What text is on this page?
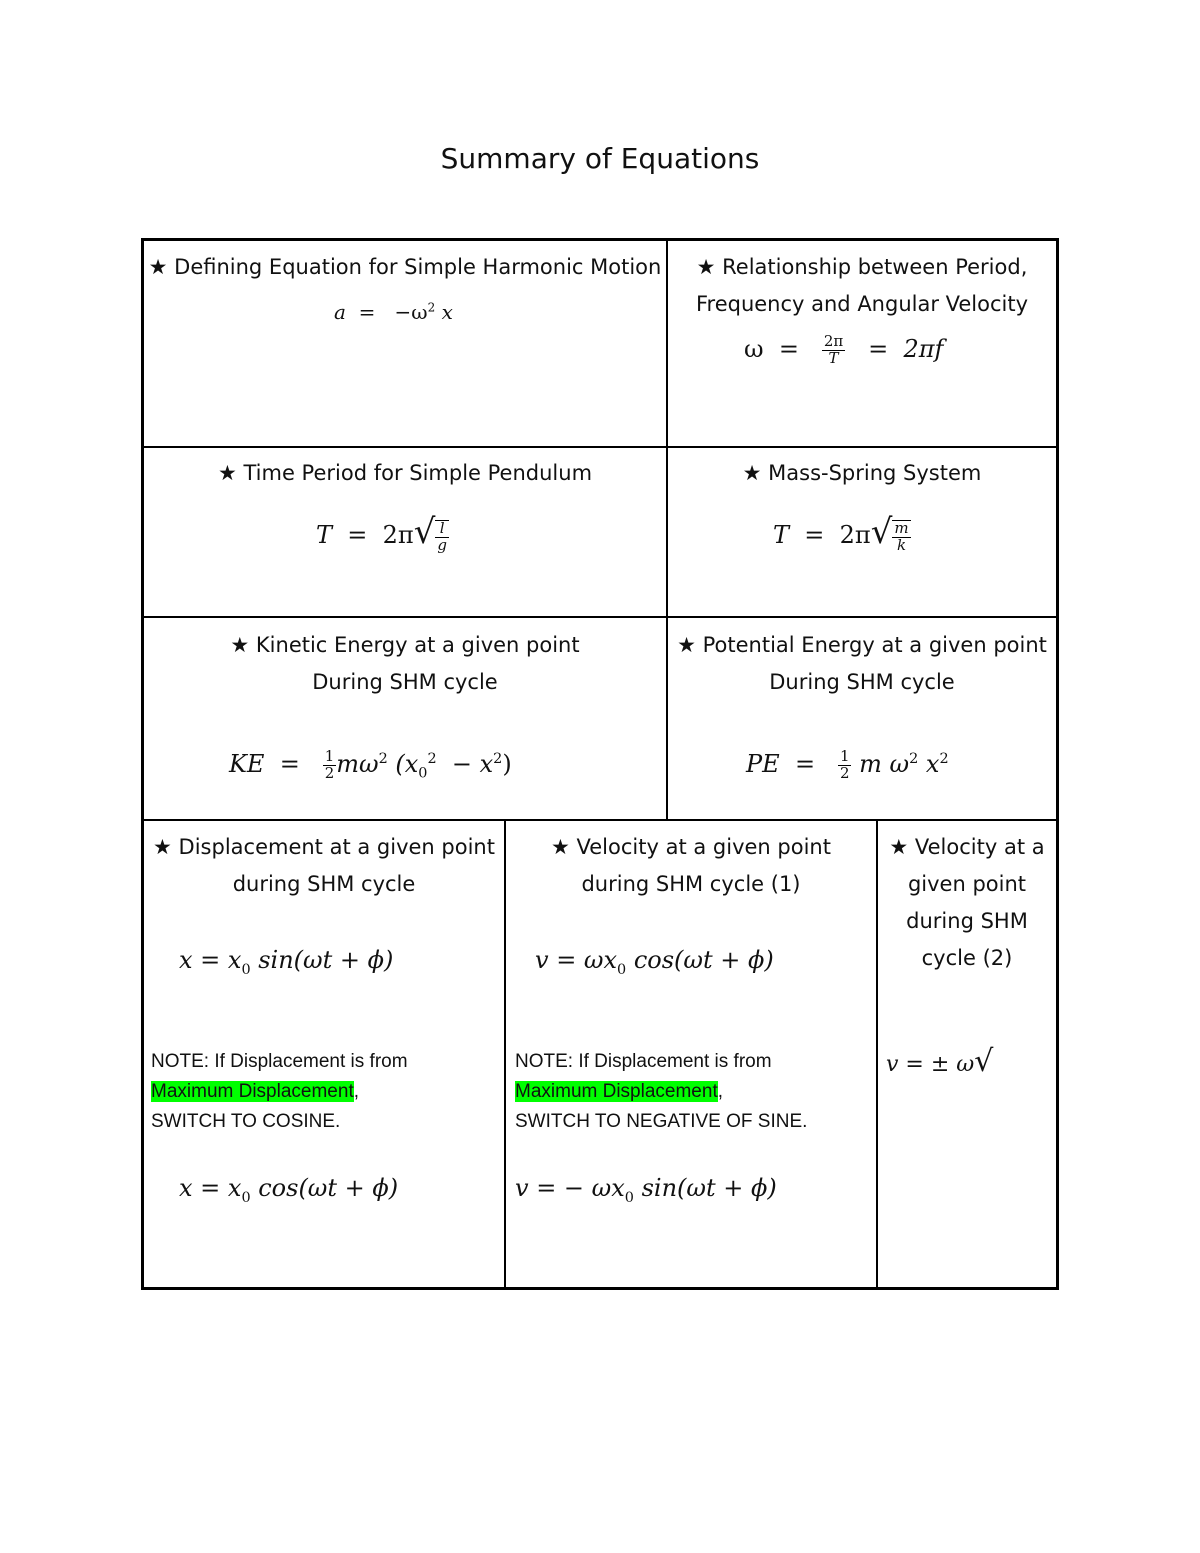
Summary of Equations
★ Defining Equation for Simple Harmonic Motion
$a = -\omega^2$ x
★ Relationship between Period,
Frequency and Angular Velocity
$\omega = \frac{2\pi}{T} = 2\pi f$
★ Time Period for Simple Pendulum
$T = 2\pi√ \frac{l}{g}$
★ Mass-Spring System
$T = 2\pi√ \frac{m}{k}$
★ Kinetic Energy at a given point
During SHM cycle
KE = $\frac{1}{2} m\omega^2$ $(x_0^2 - x^2)$
★ Potential Energy at a given point
During SHM cycle
PE = $\frac{1}{2}$ m $\omega^2$ $x^2$
★ Displacement at a given point
during SHM cycle
$x = x_0$ sin(ωt + ϕ)
NOTE: If Displacement is from
Maximum Displacement,
SWITCH TO COSINE.
$x = x_0$ cos(ωt + ϕ)
★ Velocity at a given point
during SHM cycle (1)
$v = \omega x_0$ cos(ωt + ϕ)
NOTE: If Displacement is from
Maximum Displacement,
SWITCH TO NEGATIVE OF SINE.
v = − $\omega x_0$ sin(ωt + ϕ)
★ Velocity at a
given point
during SHM
cycle (2)
v = ± ω√
